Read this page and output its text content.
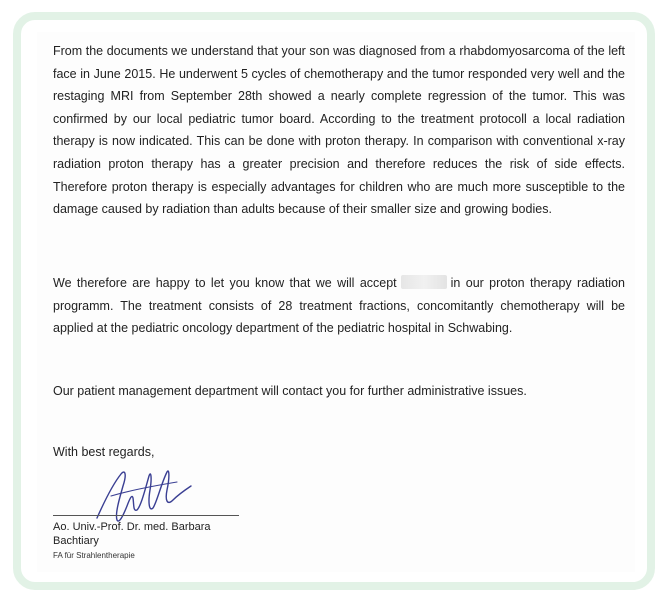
From the documents we understand that your son was diagnosed from a rhabdomyosarcoma of the left face in June 2015. He underwent 5 cycles of chemotherapy and the tumor responded very well and the restaging MRI from September 28th showed a nearly complete regression of the tumor. This was confirmed by our local pediatric tumor board. According to the treatment protocoll a local radiation therapy is now indicated. This can be done with proton therapy. In comparison with conventional x-ray radiation proton therapy has a greater precision and therefore reduces the risk of side effects. Therefore proton therapy is especially advantages for children who are much more susceptible to the damage caused by radiation than adults because of their smaller size and growing bodies.

We therefore are happy to let you know that we will accept	in our proton therapy radiation programm. The treatment consists of 28 treatment fractions, concomitantly chemotherapy will be applied at the pediatric oncology department of the pediatric hospital in Schwabing.

Our patient management department will contact you for further administrative issues.

With best regards,
Ao. Univ.-Prof. Dr. med. Barbara
Bachtiary
FA für Strahlentherapie
